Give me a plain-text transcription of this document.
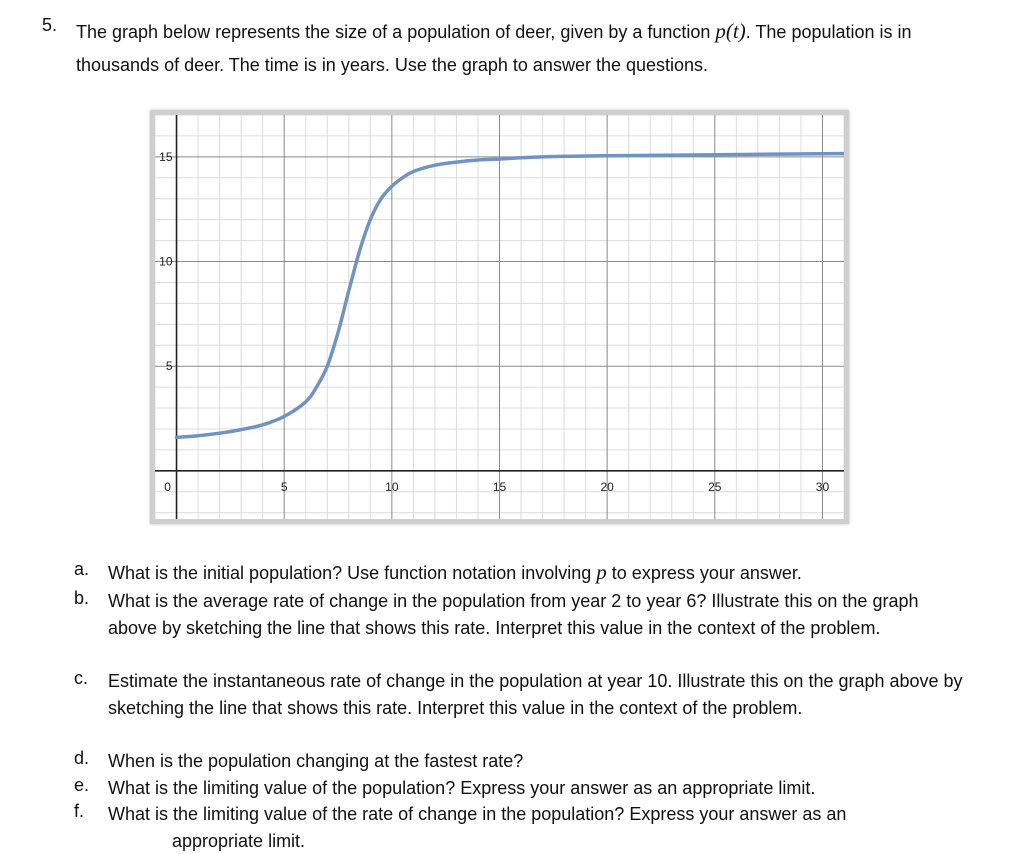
5. The graph below represents the size of a population of deer, given by a function p(t). The population is in thousands of deer. The time is in years. Use the graph to answer the questions.
0	5	10	15	20	25	30
5
10
15
a. What is the initial population? Use function notation involving p to express your answer.
b. What is the average rate of change in the population from year 2 to year 6? Illustrate this on the graph above by sketching the line that shows this rate. Interpret this value in the context of the problem.
c. Estimate the instantaneous rate of change in the population at year 10. Illustrate this on the graph above by sketching the line that shows this rate. Interpret this value in the context of the problem.
d. When is the population changing at the fastest rate?
e. What is the limiting value of the population? Express your answer as an appropriate limit.
f. What is the limiting value of the rate of change in the population? Express your answer as an
appropriate limit.
